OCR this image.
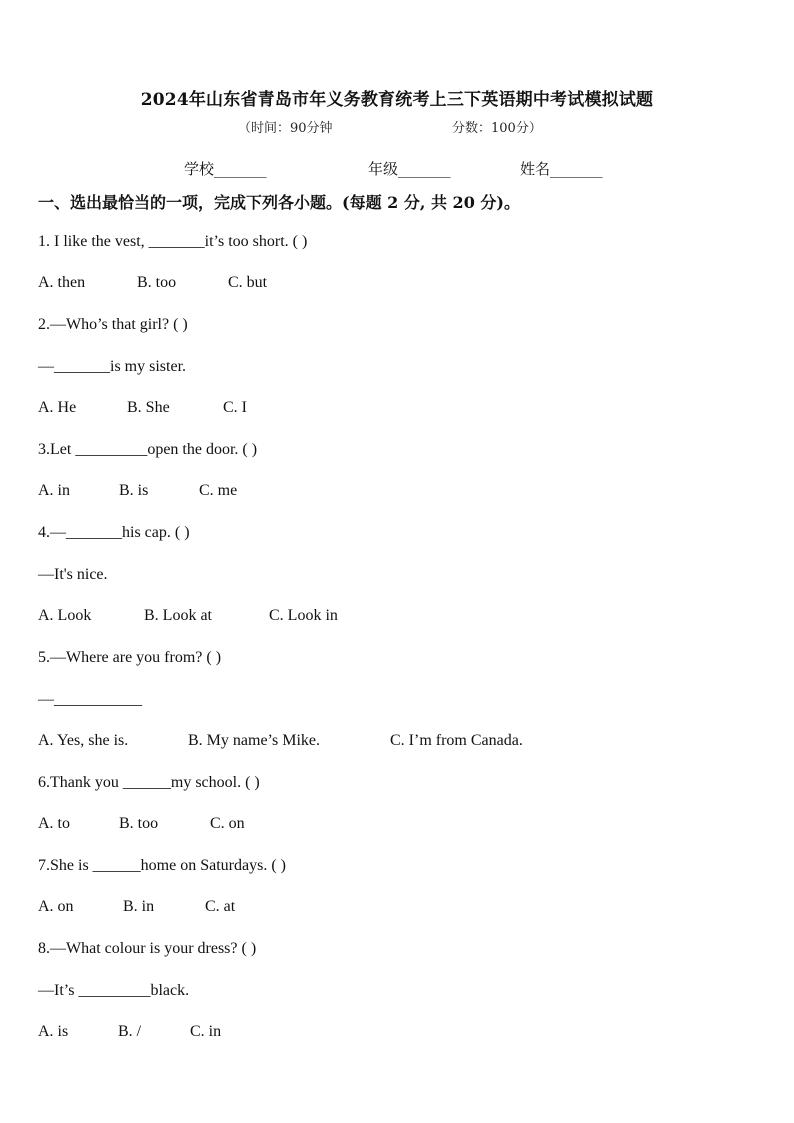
2024年山东省青岛市年义务教育统考上三下英语期中考试模拟试题
（时间：90分钟	分数：100分）
学校_______	年级_______	姓名_______
一、选出最恰当的一项，完成下列各小题。(每题 2 分, 共 20 分)。
1. I like the vest, _______it’s too short. ( )
A. then	B. too	C. but
2.—Who’s that girl? ( )
—_______is my sister.
A. He	B. She	C. I
3.Let _________open the door. ( )
A. in	B. is	C. me
4.—_______his cap. ( )
—It's nice.
A. Look	B. Look at	C. Look in
5.—Where are you from? ( )
—___________
A. Yes, she is.	B. My name’s Mike.	C. I’m from Canada.
6.Thank you ______my school. ( )
A. to	B. too	C. on
7.She is ______home on Saturdays. ( )
A. on	B. in	C. at
8.—What colour is your dress? ( )
—It’s _________black.
A. is	B. /	C. in
